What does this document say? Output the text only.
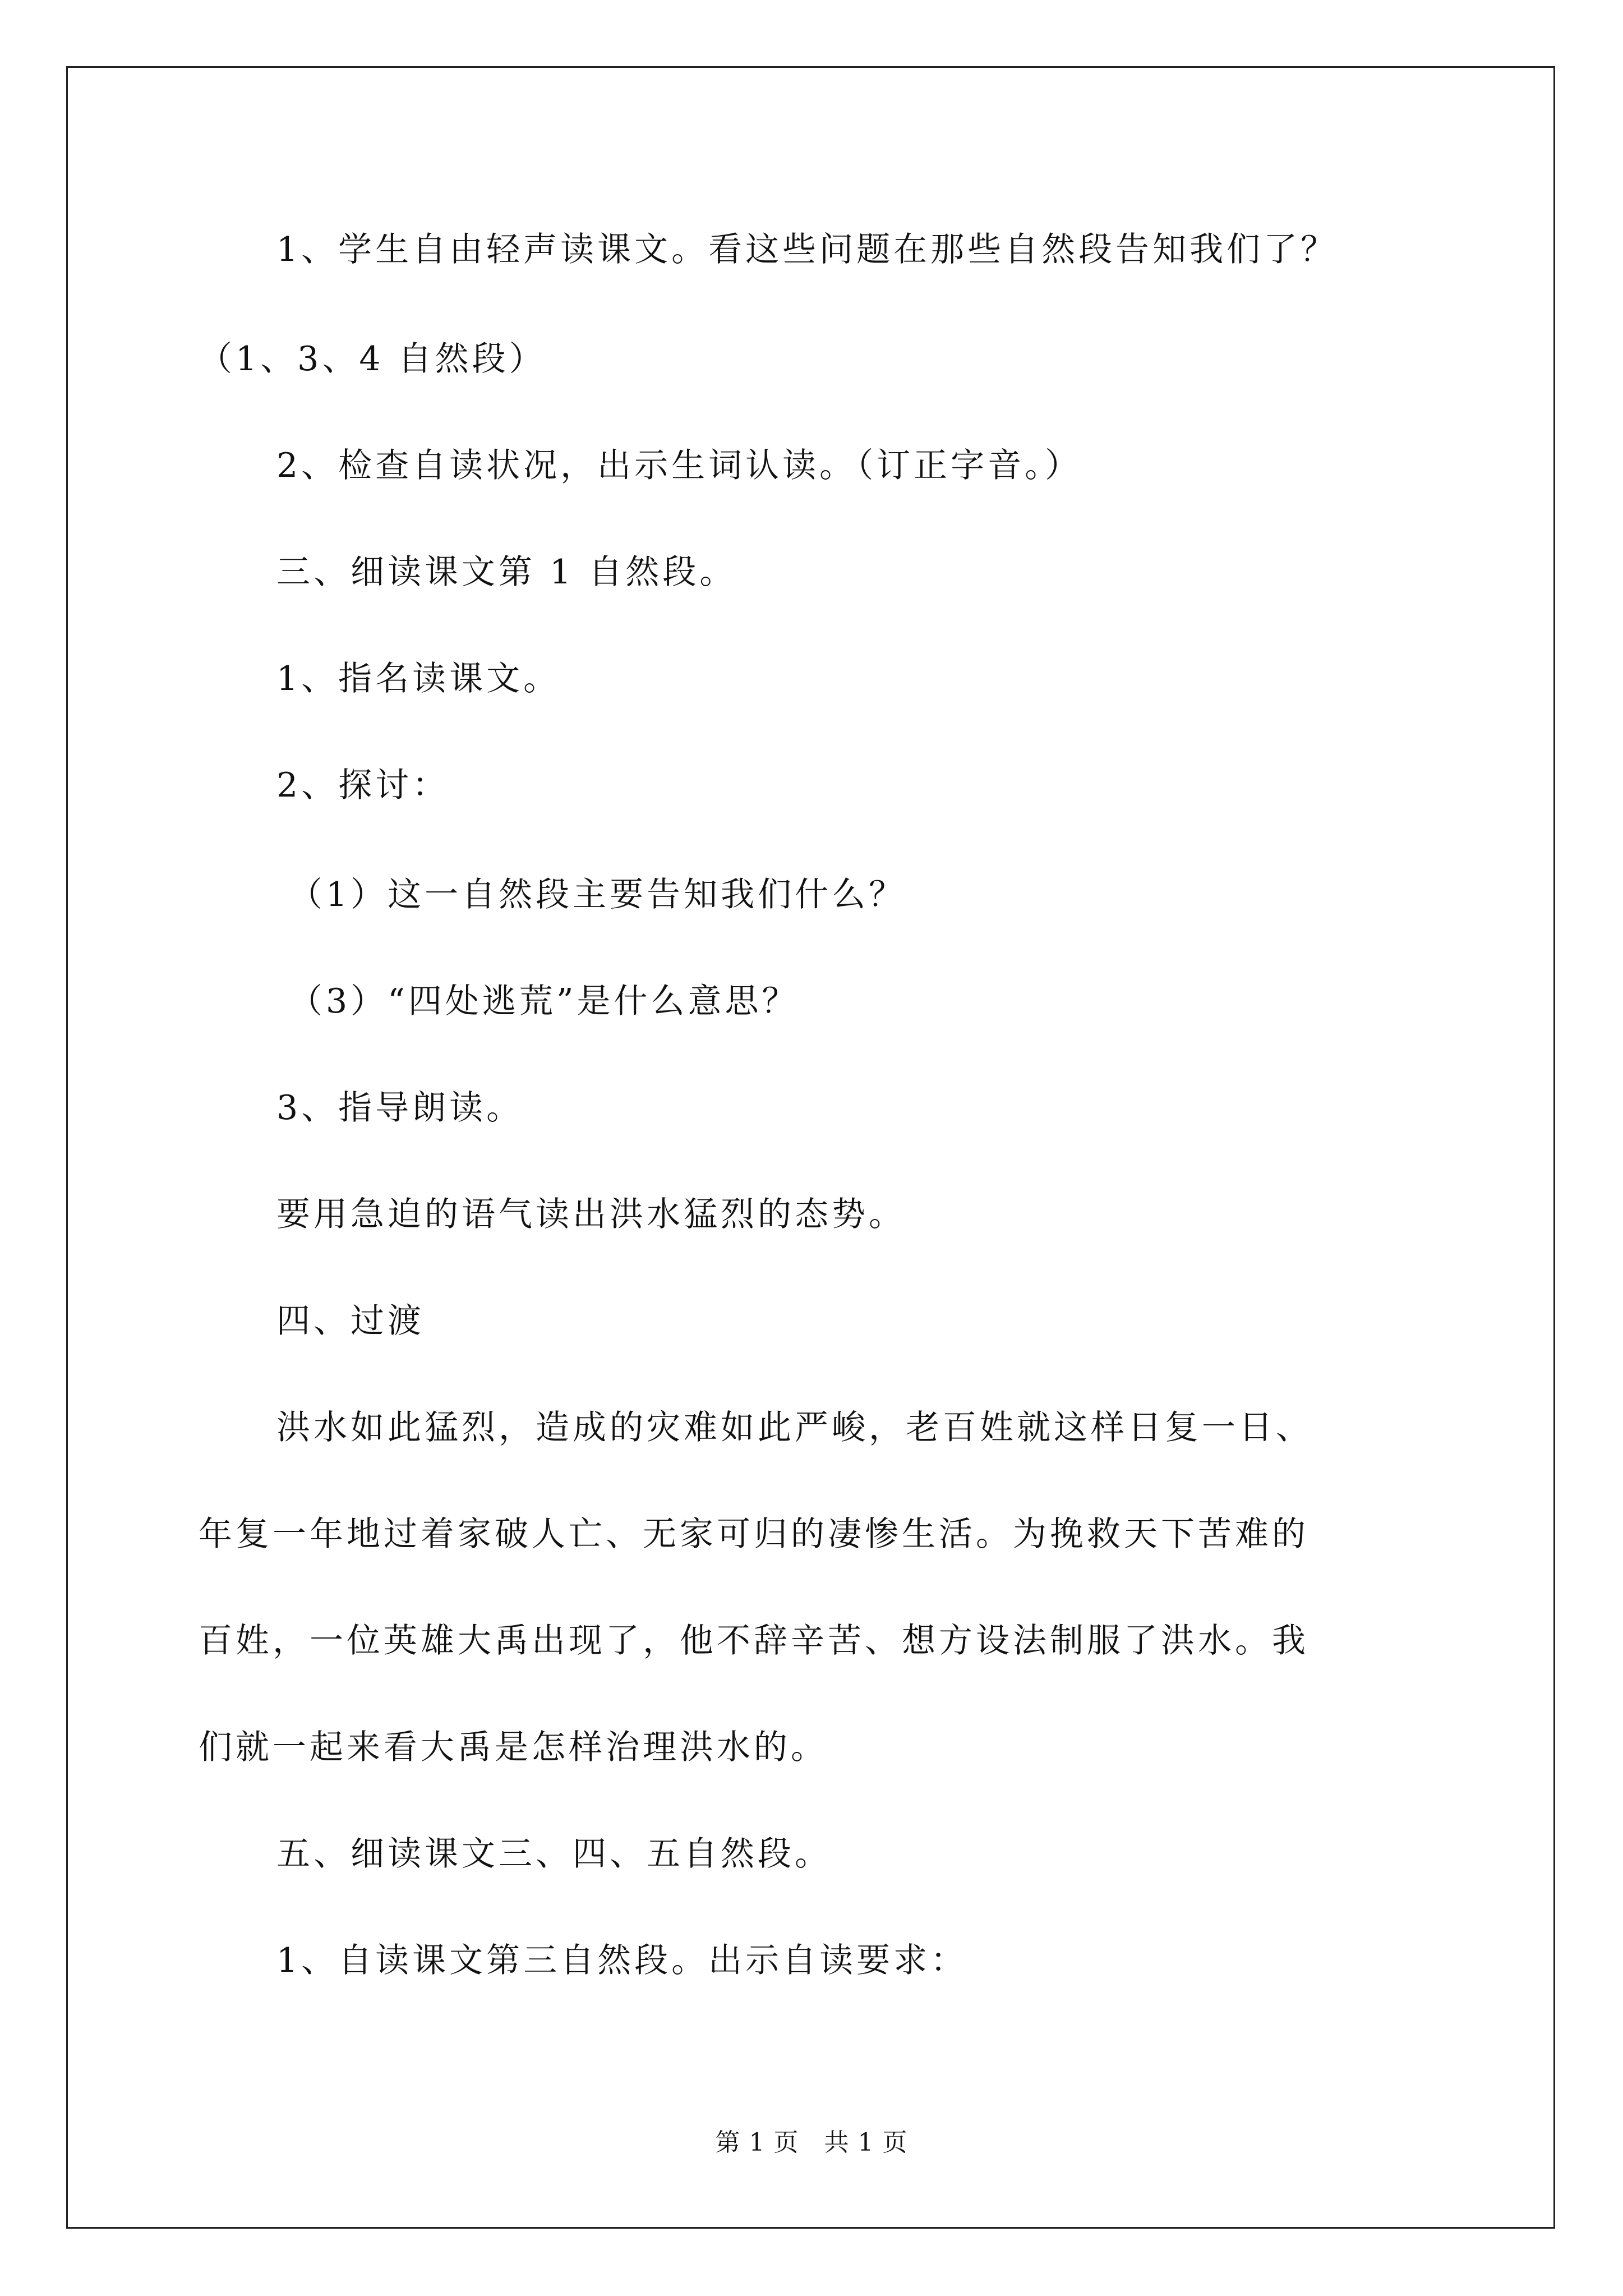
1、学生自由轻声读课文。看这些问题在那些自然段告知我们了？
（1、3、4 自然段）
2、检查自读状况，出示生词认读。（订正字音。）
三、细读课文第 1 自然段。
1、指名读课文。
2、探讨：
（1）这一自然段主要告知我们什么？
（3）“四处逃荒”是什么意思？
3、指导朗读。
要用急迫的语气读出洪水猛烈的态势。
四、过渡
洪水如此猛烈，造成的灾难如此严峻，老百姓就这样日复一日、
年复一年地过着家破人亡、无家可归的凄惨生活。为挽救天下苦难的
百姓，一位英雄大禹出现了，他不辞辛苦、想方设法制服了洪水。我
们就一起来看大禹是怎样治理洪水的。
五、细读课文三、四、五自然段。
1、自读课文第三自然段。出示自读要求：
第 1 页　共 1 页
